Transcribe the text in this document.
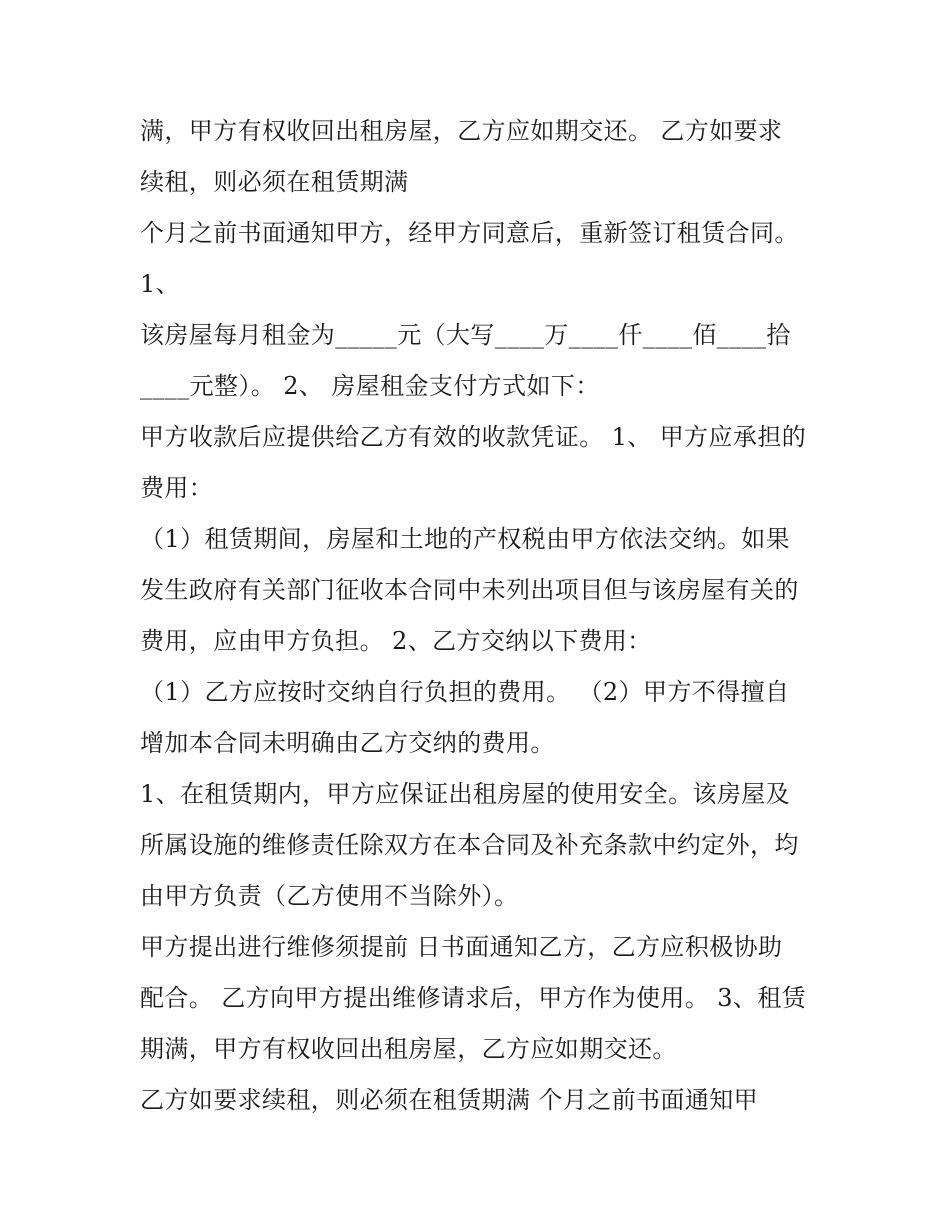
满，甲方有权收回出租房屋，乙方应如期交还。 乙方如要求
续租，则必须在租赁期满
个月之前书面通知甲方，经甲方同意后，重新签订租赁合同。
1、
该房屋每月租金为_____元（大写____万____仟____佰____拾
____元整）。 2、 房屋租金支付方式如下：
甲方收款后应提供给乙方有效的收款凭证。 1、 甲方应承担的
费用：
（1）租赁期间，房屋和土地的产权税由甲方依法交纳。如果
发生政府有关部门征收本合同中未列出项目但与该房屋有关的
费用，应由甲方负担。 2、乙方交纳以下费用：
（1）乙方应按时交纳自行负担的费用。 （2）甲方不得擅自
增加本合同未明确由乙方交纳的费用。
1、在租赁期内，甲方应保证出租房屋的使用安全。该房屋及
所属设施的维修责任除双方在本合同及补充条款中约定外，均
由甲方负责（乙方使用不当除外）。
甲方提出进行维修须提前 日书面通知乙方，乙方应积极协助
配合。 乙方向甲方提出维修请求后，甲方作为使用。 3、租赁
期满，甲方有权收回出租房屋，乙方应如期交还。
乙方如要求续租，则必须在租赁期满 个月之前书面通知甲
